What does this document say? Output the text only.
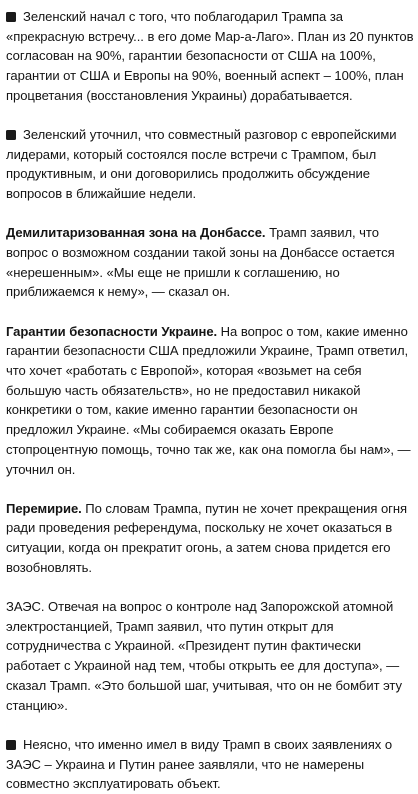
Зеленский начал с того, что поблагодарил Трампа за «прекрасную встречу... в его доме Мар-а-Лаго». План из 20 пунктов согласован на 90%, гарантии безопасности от США на 100%, гарантии от США и Европы на 90%, военный аспект – 100%, план процветания (восстановления Украины) дорабатывается.

Зеленский уточнил, что совместный разговор с европейскими лидерами, который состоялся после встречи с Трампом, был продуктивным, и они договорились продолжить обсуждение вопросов в ближайшие недели.

Демилитаризованная зона на Донбассе. Трамп заявил, что вопрос о возможном создании такой зоны на Донбассе остается «нерешенным». «Мы еще не пришли к соглашению, но приближаемся к нему», — сказал он.

Гарантии безопасности Украине. На вопрос о том, какие именно гарантии безопасности США предложили Украине, Трамп ответил, что хочет «работать с Европой», которая «возьмет на себя большую часть обязательств», но не предоставил никакой конкретики о том, какие именно гарантии безопасности он предложил Украине. «Мы собираемся оказать Европе стопроцентную помощь, точно так же, как она помогла бы нам», — уточнил он.

Перемирие. По словам Трампа, путин не хочет прекращения огня ради проведения референдума, поскольку не хочет оказаться в ситуации, когда он прекратит огонь, а затем снова придется его возобновлять.

ЗАЭС. Отвечая на вопрос о контроле над Запорожской атомной электростанцией, Трамп заявил, что путин открыт для сотрудничества с Украиной. «Президент путин фактически работает с Украиной над тем, чтобы открыть ее для доступа», — сказал Трамп. «Это большой шаг, учитывая, что он не бомбит эту станцию».

Неясно, что именно имел в виду Трамп в своих заявлениях о ЗАЭС – Украина и Путин ранее заявляли, что не намерены совместно эксплуатировать объект.
